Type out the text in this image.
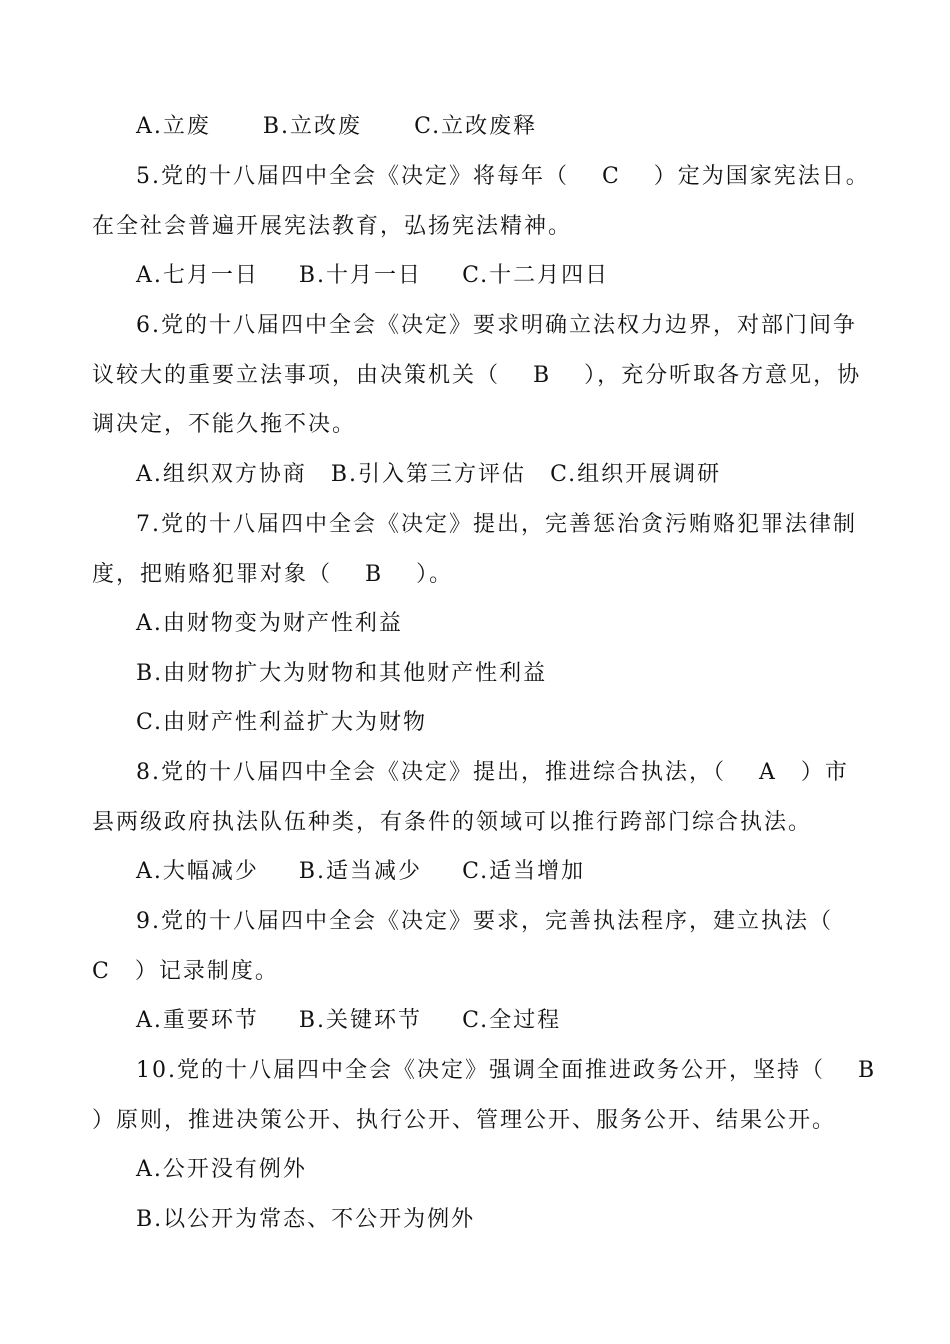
A.立废 B.立改废 C.立改废释
5.党的十八届四中全会《决定》将每年（　 C　 ）定为国家宪法日。
在全社会普遍开展宪法教育，弘扬宪法精神。
A.七月一日 B.十月一日 C.十二月四日
6.党的十八届四中全会《决定》要求明确立法权力边界，对部门间争
议较大的重要立法事项，由决策机关（　 B　 ），充分听取各方意见，协
调决定，不能久拖不决。
A.组织双方协商 B.引入第三方评估 C.组织开展调研
7.党的十八届四中全会《决定》提出，完善惩治贪污贿赂犯罪法律制
度，把贿赂犯罪对象（　 B　 ）。
A.由财物变为财产性利益
B.由财物扩大为财物和其他财产性利益
C.由财产性利益扩大为财物
8.党的十八届四中全会《决定》提出，推进综合执法，（　 A　）市
县两级政府执法队伍种类，有条件的领域可以推行跨部门综合执法。
A.大幅减少 B.适当减少 C.适当增加
9.党的十八届四中全会《决定》要求，完善执法程序，建立执法（
C　）记录制度。
A.重要环节 B.关键环节 C.全过程
10.党的十八届四中全会《决定》强调全面推进政务公开，坚持（　 B
）原则，推进决策公开、执行公开、管理公开、服务公开、结果公开。
A.公开没有例外
B.以公开为常态、不公开为例外
